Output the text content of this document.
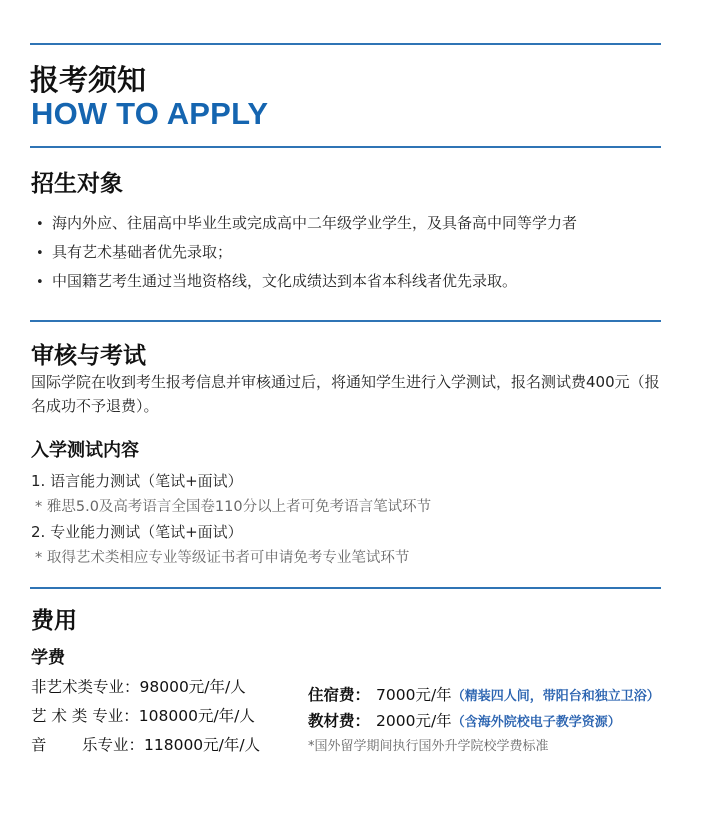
报考须知
HOW TO APPLY
招生对象
• 海内外应、往届高中毕业生或完成高中二年级学业学生，及具备高中同等学力者
• 具有艺术基础者优先录取；
• 中国籍艺考生通过当地资格线，文化成绩达到本省本科线者优先录取。
审核与考试
国际学院在收到考生报考信息并审核通过后，将通知学生进行入学测试，报名测试费400元（报名成功不予退费）。
入学测试内容
1. 语言能力测试（笔试+面试）
* 雅思5.0及高考语言全国卷110分以上者可免考语言笔试环节
2. 专业能力测试（笔试+面试）
* 取得艺术类相应专业等级证书者可申请免考专业笔试环节
费用
学费
非艺术类专业：98000元/年/人
艺 术 类 专业：108000元/年/人
音 乐专业：118000元/年/人
住宿费： 7000元/年（精装四人间，带阳台和独立卫浴）
教材费： 2000元/年（含海外院校电子教学资源）
*国外留学期间执行国外升学院校学费标准
